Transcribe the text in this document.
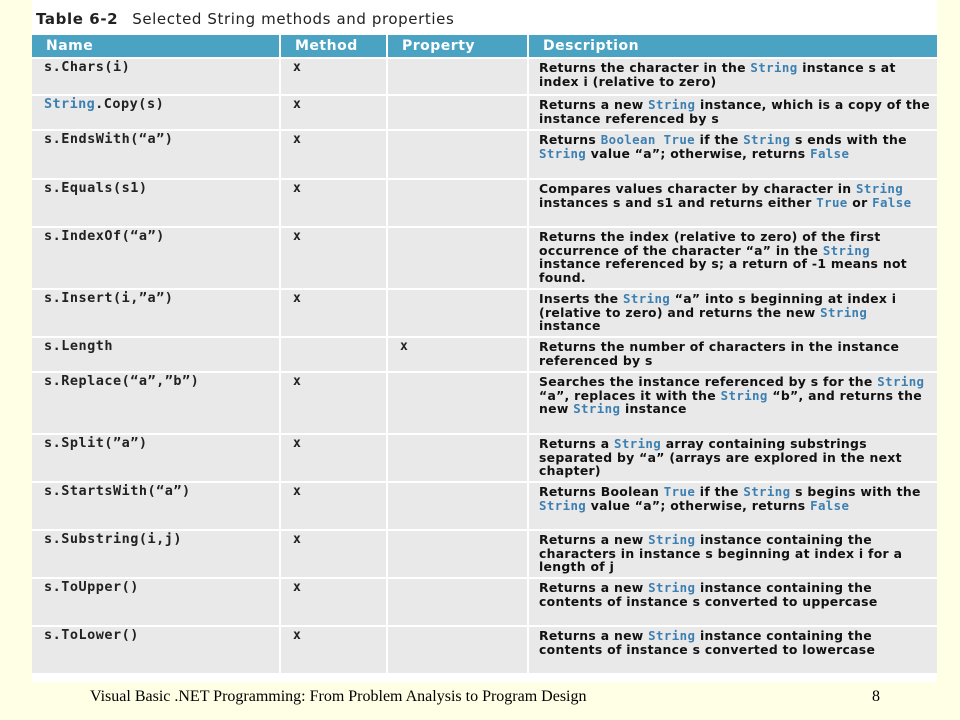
Table 6-2 Selected String methods and properties
Name	Method	Property	Description
s.Chars(i)	x		Returns the character in the String instance s at index i (relative to zero)
String.Copy(s)	x		Returns a new String instance, which is a copy of the instance referenced by s
s.EndsWith(“a”)	x		Returns Boolean True if the String s ends with the String value “a”; otherwise, returns False
s.Equals(s1)	x		Compares values character by character in String instances s and s1 and returns either True or False
s.IndexOf(“a”)	x		Returns the index (relative to zero) of the first occurrence of the character “a” in the String instance referenced by s; a return of -1 means not found.
s.Insert(i,”a”)	x		Inserts the String “a” into s beginning at index i (relative to zero) and returns the new String instance
s.Length		x	Returns the number of characters in the instance referenced by s
s.Replace(“a”,”b”)	x		Searches the instance referenced by s for the String “a”, replaces it with the String “b”, and returns the new String instance
s.Split(”a”)	x		Returns a String array containing substrings separated by “a” (arrays are explored in the next chapter)
s.StartsWith(“a”)	x		Returns Boolean True if the String s begins with the String value “a”; otherwise, returns False
s.Substring(i,j)	x		Returns a new String instance containing the characters in instance s beginning at index i for a length of j
s.ToUpper()	x		Returns a new String instance containing the contents of instance s converted to uppercase
s.ToLower()	x		Returns a new String instance containing the contents of instance s converted to lowercase
Visual Basic .NET Programming: From Problem Analysis to Program Design	8
